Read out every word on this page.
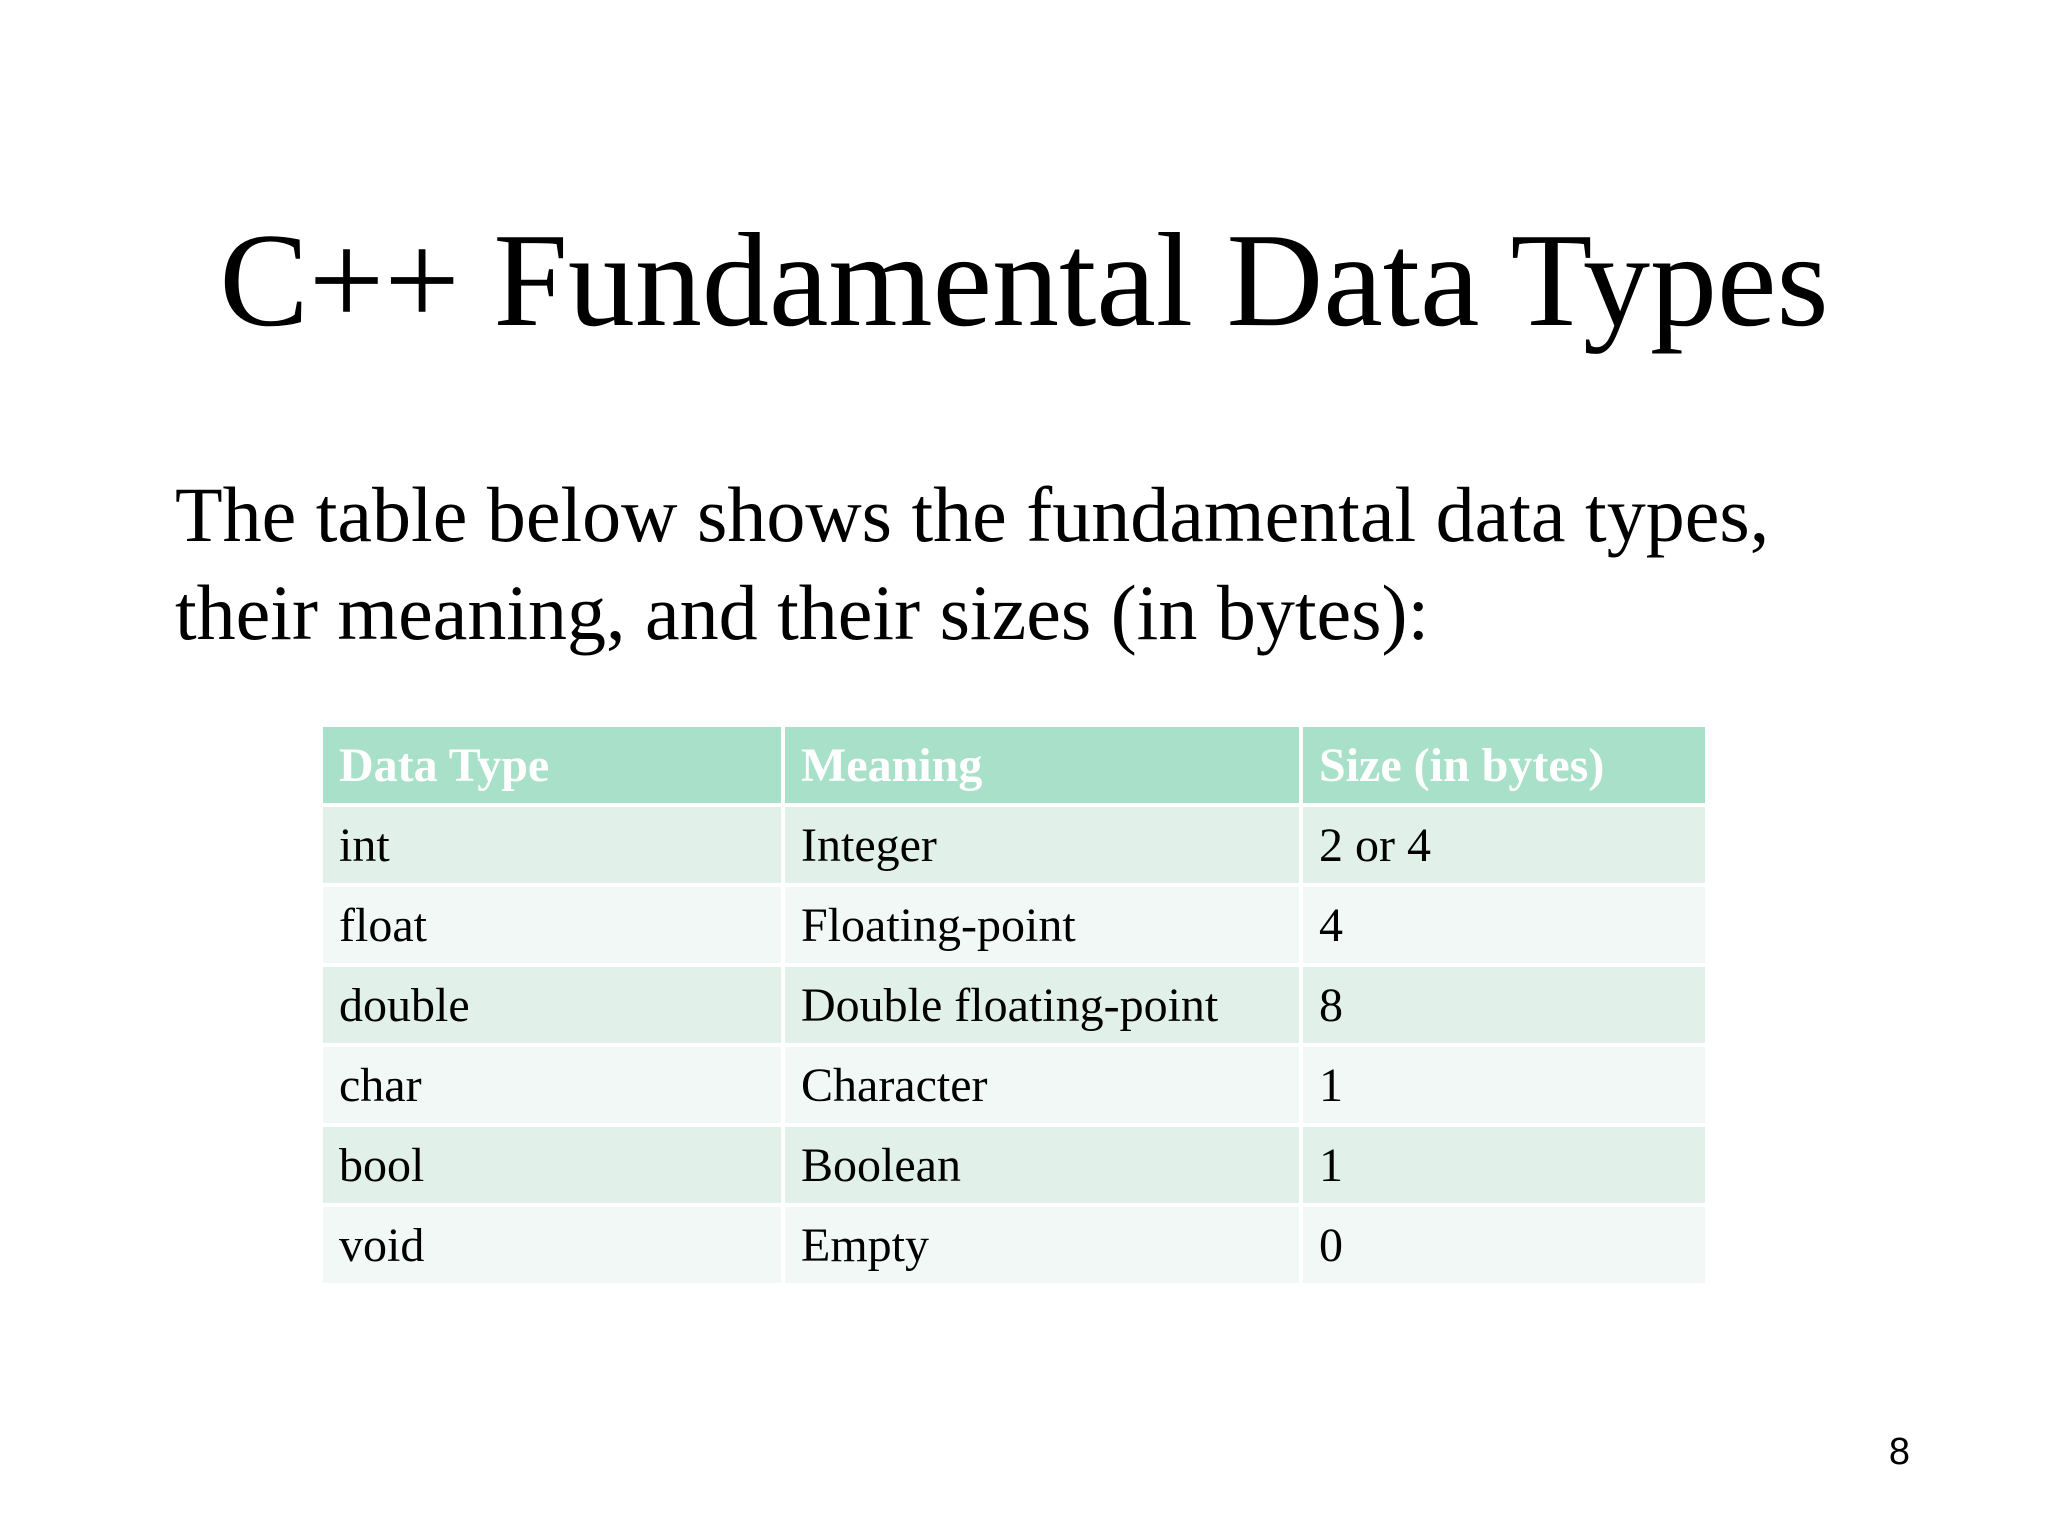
C++ Fundamental Data Types

The table below shows the fundamental data types,
their meaning, and their sizes (in bytes):

Data Type	Meaning	Size (in bytes)
int	Integer	2 or 4
float	Floating-point	4
double	Double floating-point	8
char	Character	1
bool	Boolean	1
void	Empty	0
8
